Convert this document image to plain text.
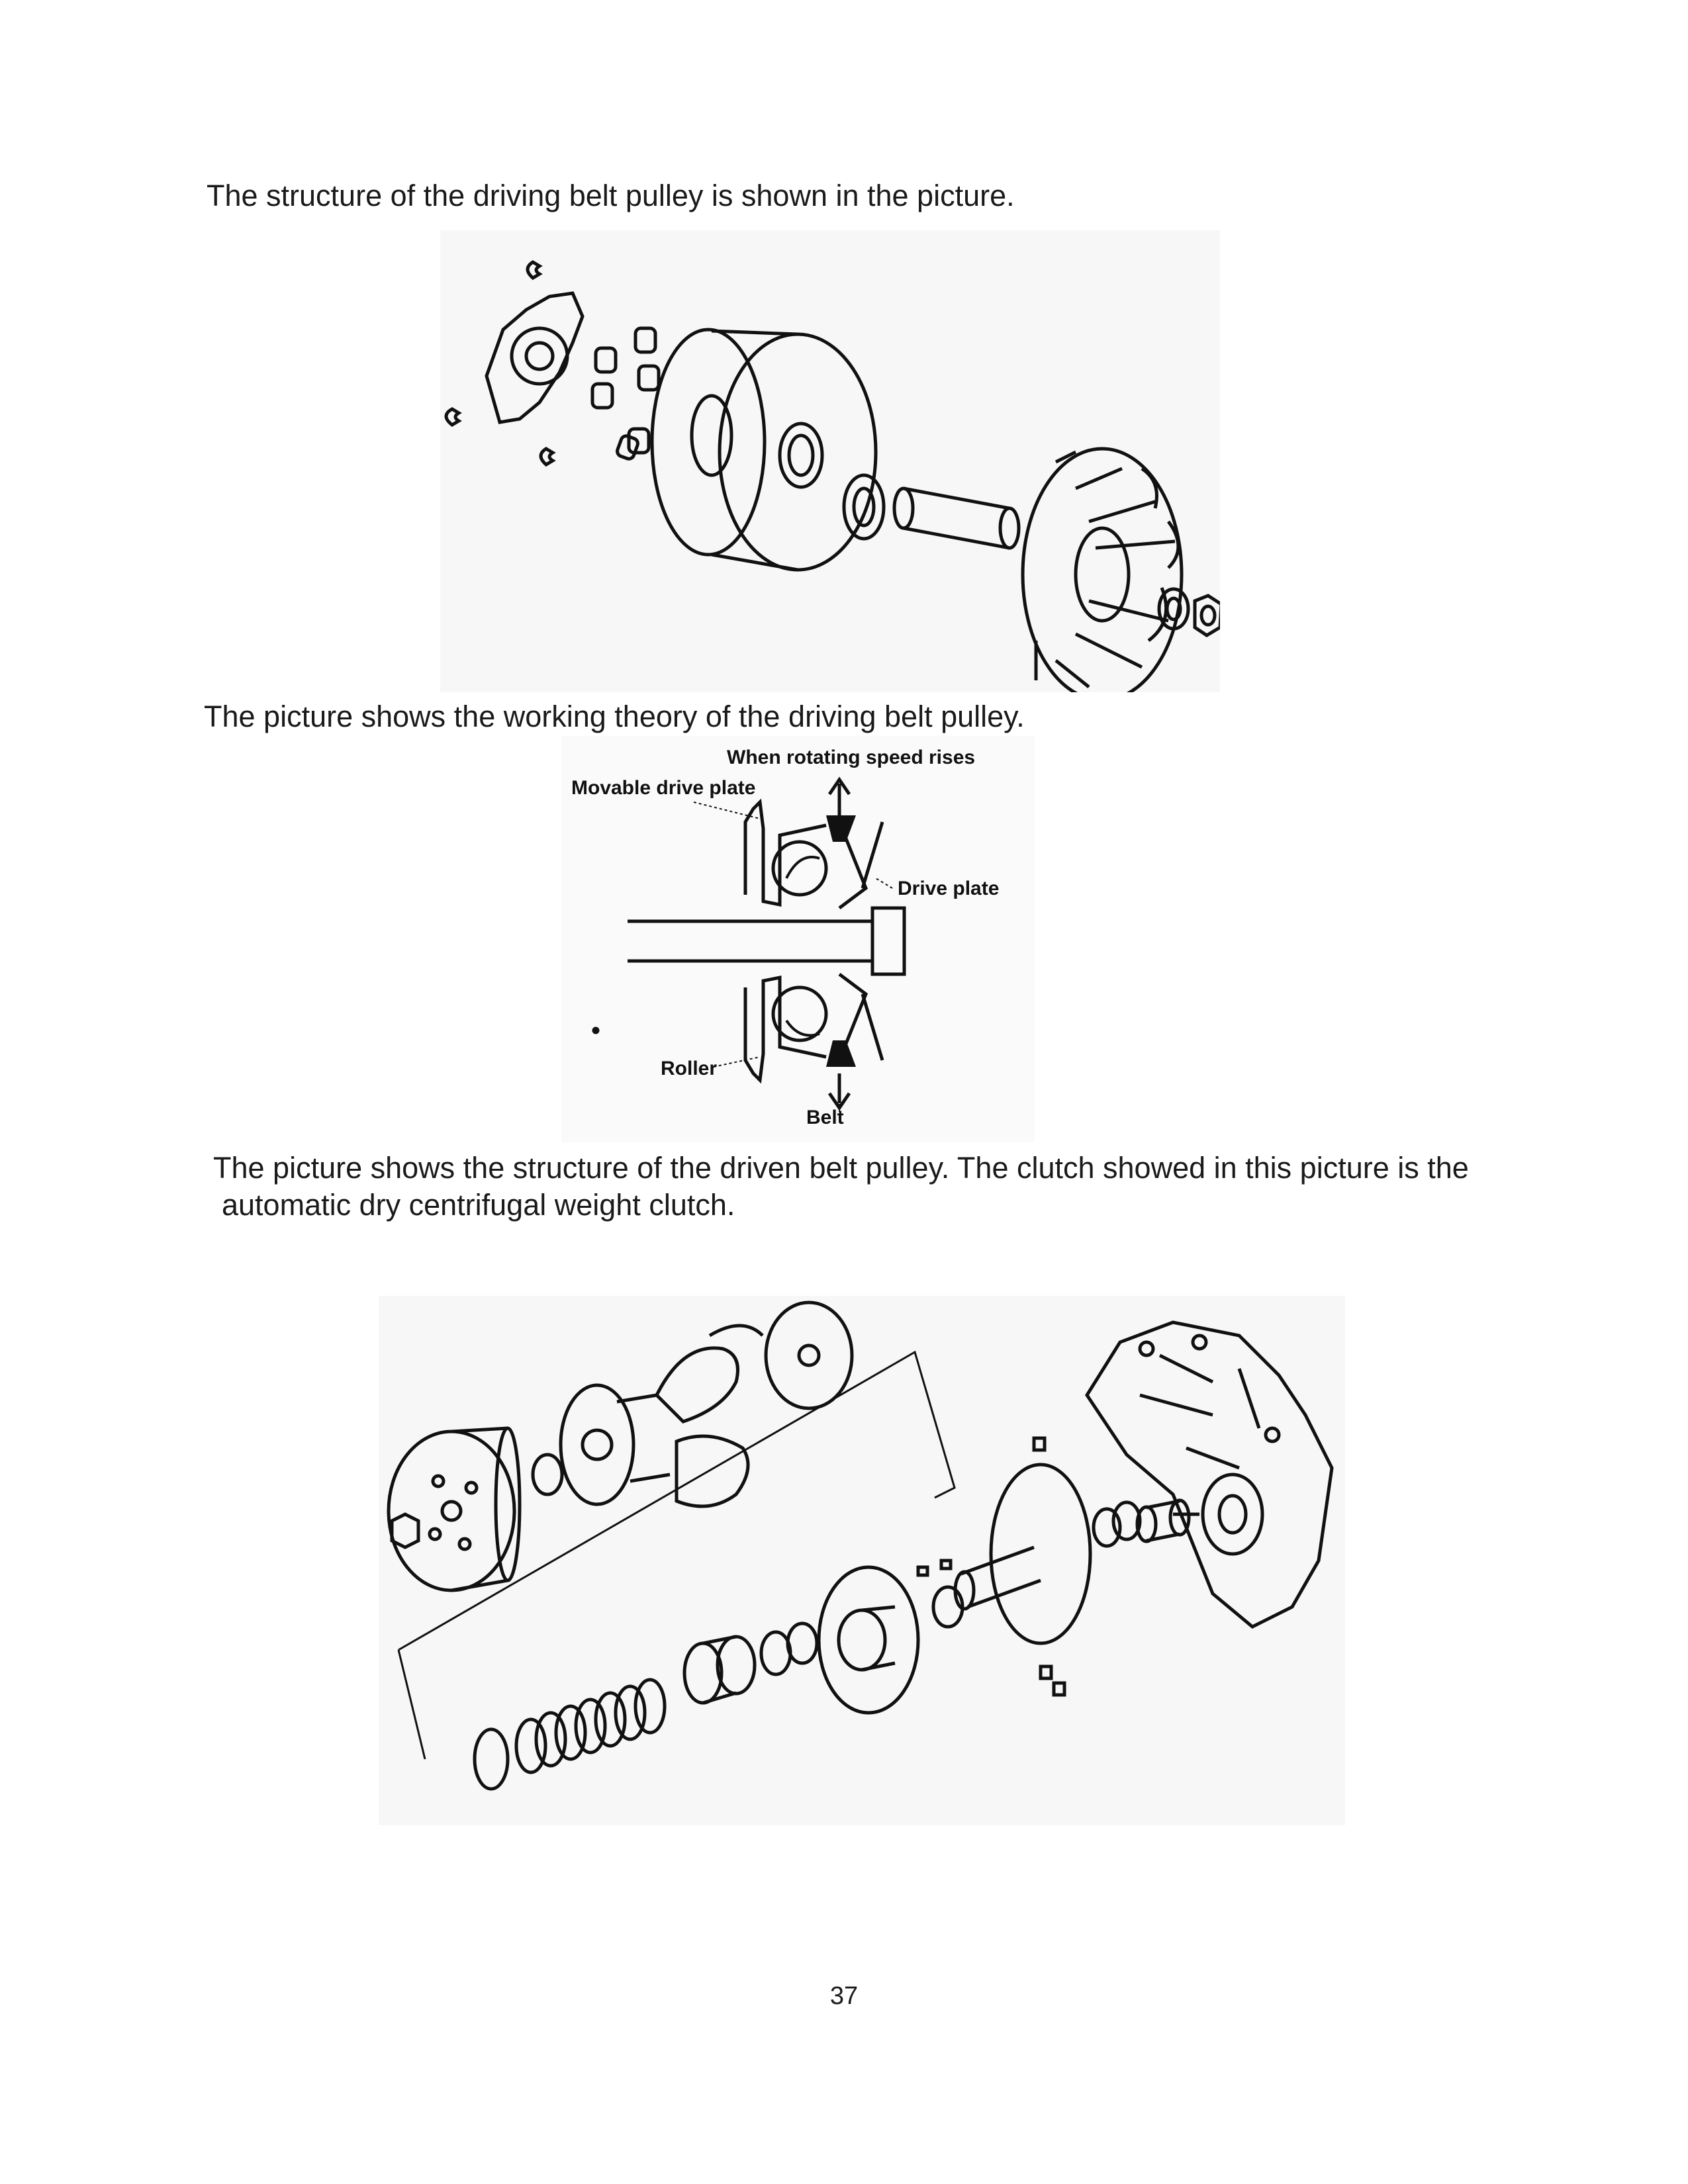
The structure of the driving belt pulley is shown in the picture.

The picture shows the working theory of the driving belt pulley.

When rotating speed rises
Movable drive plate
Drive plate
Roller
Belt

The picture shows the structure of the driven belt pulley. The clutch showed in this picture is the

automatic dry centrifugal weight clutch.

37
